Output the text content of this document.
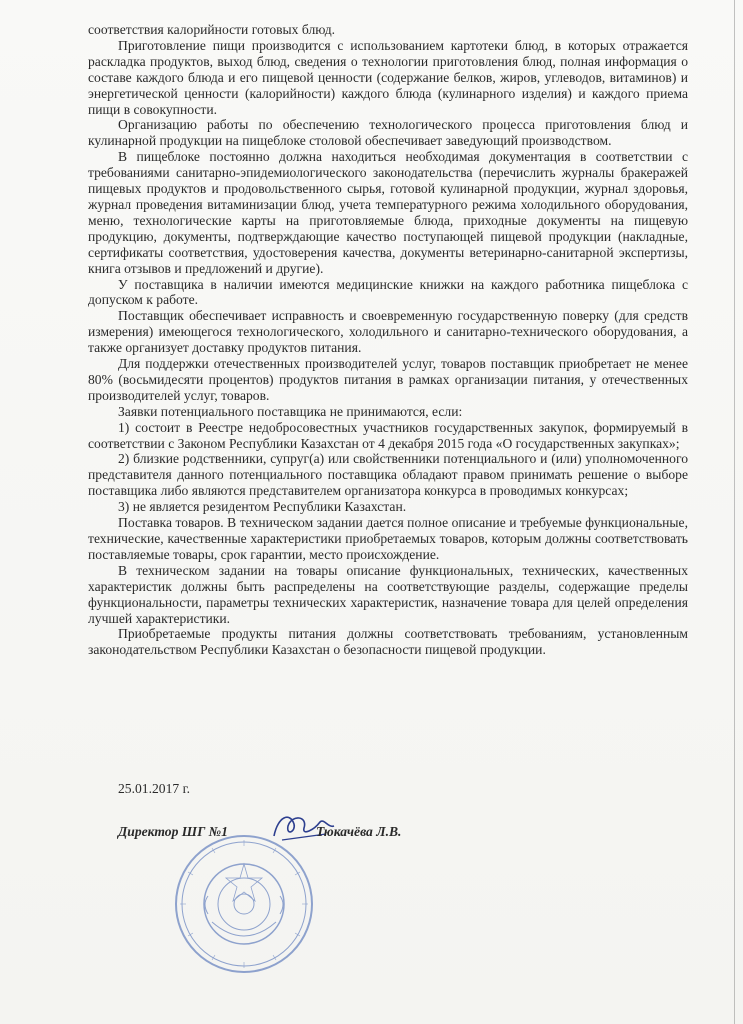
соответствия калорийности готовых блюд.

Приготовление пищи производится с использованием картотеки блюд, в которых отражается раскладка продуктов, выход блюд, сведения о технологии приготовления блюд, полная информация о составе каждого блюда и его пищевой ценности (содержание белков, жиров, углеводов, витаминов) и энергетической ценности (калорийности) каждого блюда (кулинарного изделия) и каждого приема пищи в совокупности.

Организацию работы по обеспечению технологического процесса приготовления блюд и кулинарной продукции на пищеблоке столовой обеспечивает заведующий производством.

В пищеблоке постоянно должна находиться необходимая документация в соответствии с требованиями санитарно-эпидемиологического законодательства (перечислить журналы бракеражей пищевых продуктов и продовольственного сырья, готовой кулинарной продукции, журнал здоровья, журнал проведения витаминизации блюд, учета температурного режима холодильного оборудования, меню, технологические карты на приготовляемые блюда, приходные документы на пищевую продукцию, документы, подтверждающие качество поступающей пищевой продукции (накладные, сертификаты соответствия, удостоверения качества, документы ветеринарно-санитарной экспертизы, книга отзывов и предложений и другие).

У поставщика в наличии имеются медицинские книжки на каждого работника пищеблока с допуском к работе.

Поставщик обеспечивает исправность и своевременную государственную поверку (для средств измерения) имеющегося технологического, холодильного и санитарно-технического оборудования, а также организует доставку продуктов питания.

Для поддержки отечественных производителей услуг, товаров поставщик приобретает не менее 80% (восьмидесяти процентов) продуктов питания в рамках организации питания, у отечественных производителей услуг, товаров.

Заявки потенциального поставщика не принимаются, если:

1) состоит в Реестре недобросовестных участников государственных закупок, формируемый в соответствии с Законом Республики Казахстан от 4 декабря 2015 года «О государственных закупках»;

2) близкие родственники, супруг(а) или свойственники потенциального и (или) уполномоченного представителя данного потенциального поставщика обладают правом принимать решение о выборе поставщика либо являются представителем организатора конкурса в проводимых конкурсах;

3) не является резидентом Республики Казахстан.

Поставка товаров. В техническом задании дается полное описание и требуемые функциональные, технические, качественные характеристики приобретаемых товаров, которым должны соответствовать поставляемые товары, срок гарантии, место происхождение.

В техническом задании на товары описание функциональных, технических, качественных характеристик должны быть распределены на соответствующие разделы, содержащие пределы функциональности, параметры технических характеристик, назначение товара для целей определения лучшей характеристики.

Приобретаемые продукты питания должны соответствовать требованиям, установленным законодательством Республики Казахстан о безопасности пищевой продукции.

25.01.2017 г.
Директор ШГ №1	Тюкачёва Л.В.
